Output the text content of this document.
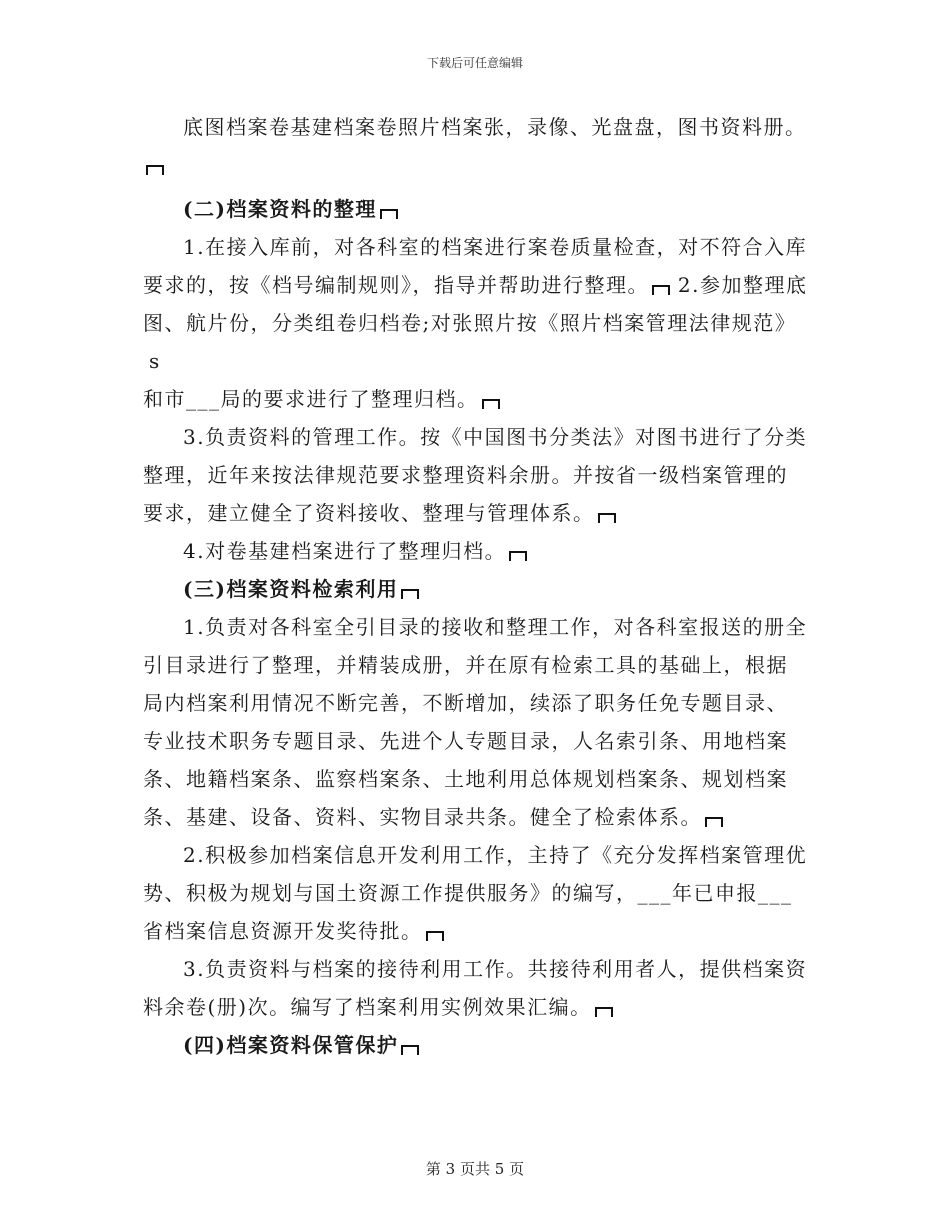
下载后可任意编辑

底图档案卷基建档案卷照片档案张，录像、光盘盘，图书资料册。

(二)档案资料的整理

1.在接入库前，对各科室的档案进行案卷质量检查，对不符合入库要求的，按《档号编制规则》，指导并帮助进行整理。 2.参加整理底图、航片份，分类组卷归档卷;对张照片按《照片档案管理法律规范》

s

和市___局的要求进行了整理归档。

3.负责资料的管理工作。按《中国图书分类法》对图书进行了分类整理，近年来按法律规范要求整理资料余册。并按省一级档案管理的要求，建立健全了资料接收、整理与管理体系。

4.对卷基建档案进行了整理归档。

(三)档案资料检索利用

1.负责对各科室全引目录的接收和整理工作，对各科室报送的册全引目录进行了整理，并精装成册，并在原有检索工具的基础上，根据局内档案利用情况不断完善，不断增加，续添了职务任免专题目录、专业技术职务专题目录、先进个人专题目录，人名索引条、用地档案条、地籍档案条、监察档案条、土地利用总体规划档案条、规划档案条、基建、设备、资料、实物目录共条。健全了检索体系。

2.积极参加档案信息开发利用工作，主持了《充分发挥档案管理优势、积极为规划与国土资源工作提供服务》的编写，___年已申报___省档案信息资源开发奖待批。

3.负责资料与档案的接待利用工作。共接待利用者人，提供档案资料余卷(册)次。编写了档案利用实例效果汇编。

(四)档案资料保管保护

第 3 页共 5 页
